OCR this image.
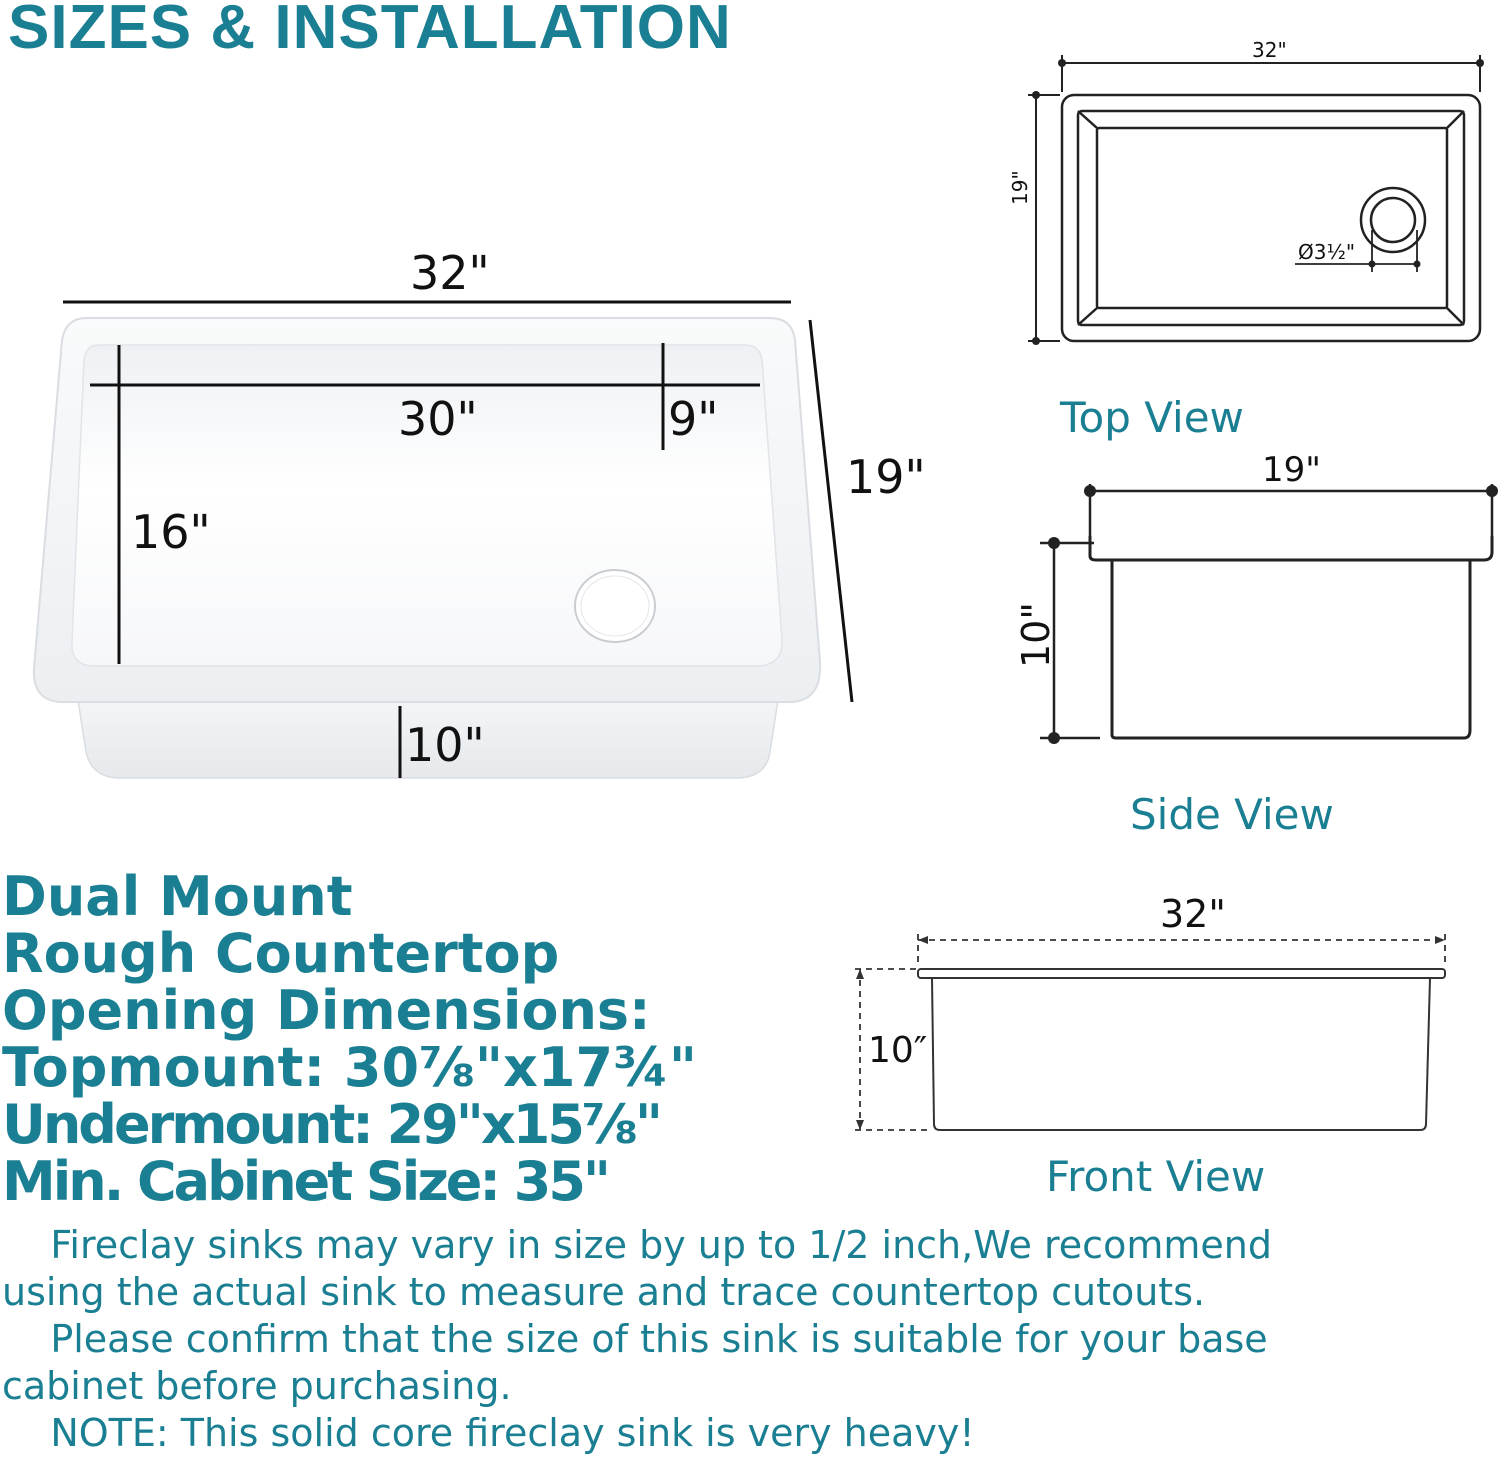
SIZES & INSTALLATION
32"
30"	9"
16"
19"
10"
32"
19"
Ø3½"
Top View
19"
10"
Side View
32"
10″
Front View
Dual Mount
Rough Countertop
Opening Dimensions:
Topmount: 30⅞"x17¾"
Undermount: 29"x15⅞"
Min. Cabinet Size: 35"
Fireclay sinks may vary in size by up to 1/2 inch,We recommend
using the actual sink to measure and trace countertop cutouts.
Please confirm that the size of this sink is suitable for your base
cabinet before purchasing.
NOTE: This solid core fireclay sink is very heavy!
